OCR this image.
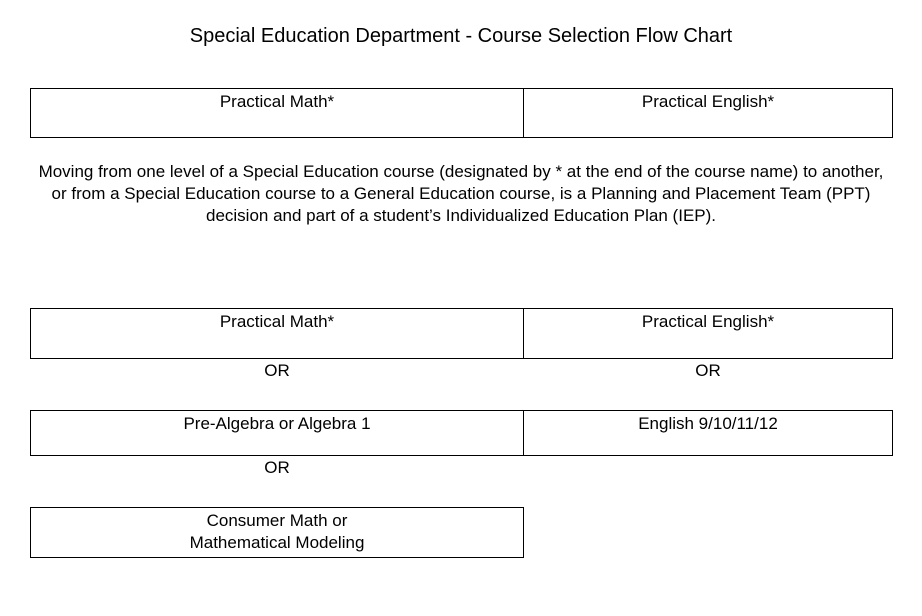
Special Education Department - Course Selection Flow Chart
Practical Math*	Practical English*
Moving from one level of a Special Education course (designated by * at the end of the course name) to another, or from a Special Education course to a General Education course, is a Planning and Placement Team (PPT) decision and part of a student’s Individualized Education Plan (IEP).
Practical Math*	Practical English*
OR	OR
Pre-Algebra or Algebra 1	English 9/10/11/12
OR
Consumer Math or
Mathematical Modeling
